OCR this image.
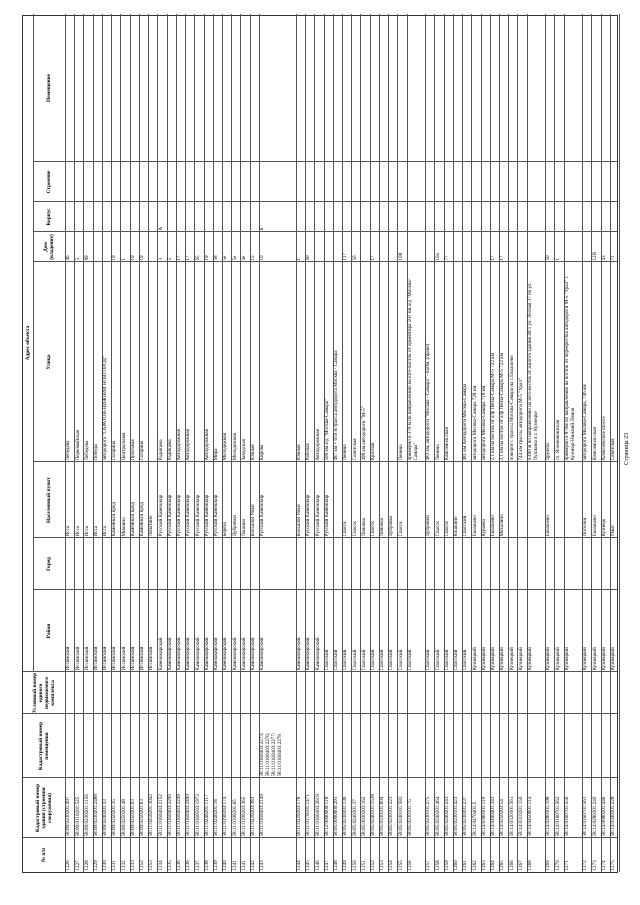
№ п/п
Кадастровый номер здания (строения сооружения)
Кадастровый номер помещения
Условный номер единого недвижимого комплекса
Адрес объекта
Район
Город
Населенный пункт
Улица
Дом (владение)
Корпус
Строение
Помещение
1226
58:09:0230201:497
Иссинский
Исса
Лебедева
46
1227
58:09:0110201:525
Иссинский
Исса
Первомайская
5
1228
58:09:0230201:1156
Иссинский
Исса
Лебедева
89
1229
58:09:0230201:2488
Иссинский
Исса
Победы
1230
58:09:0240201:33
Иссинский
Исса
автодорога "САРАТОВ-НИЖНИЙ НОВГОРОД"
1231
58:09:0250201:35
Иссинский
Каменный Брод
Гагарина
19
1232
58:09:0250201:48
Иссинский
Мишино
Центральная
1
1233
58:09:0250201:03
Иссинский
Каменный Брод
Проезжая
19
1252
58:09:0250201:63
Иссинский
Каменный Брод
Гагарина
19
1253
58:11:0250201:3042
Иссинский
Лопатино
1234
58:11:0160403:2152
Камешкирский
Русский Камешкир
Радищева
3
А
1235
58:11:0160403:2200
Камешкирский
Русский Камешкир
Радищева
5
1236
58:11:0160403:2249
Камешкирский
Русский Камешкир
Автодорожная
17
1236
58:11:0160403:2490
Камешкирский
Русский Камешкир
Автодорожная
17
1237
58:11:0160503:1973
Камешкирский
Русский Камешкир
65
1238
58:11:0240201:1117
Камешкирский
Русский Камешкир
Автодорожная
19
1239
58:11:0240201:18
Камешкирский
Русский Камешкир
Мира
58
1240
58:11:0190203:174
Камешкирский
Берёзо
Молодежная
5е
1241
58:11:0190201:65
Камешкирский
Дубровки
Молодежная
5е
1241
58:11:0190203:365
Камешкирский
Лашино
Заводская
4е
1242
58:11:0220203:383
Камешкирский
Большой Умыс
Южная
15
1243
58:11:0160403:2149
58:11:0160403:2273; 58:11:0160403:2276; 58:11:0160403:2277; 58:11:0160403:2278
Камешкирский
Русский Камешкир
Кирова
10
Б
1244
58:11:0220203:178
Камешкирский
Большой Умыс
Южная
1
1245
58:11:0170501:1471
Камешкирский
Русский Камешкир
Рабочая
60
1246
58:11:0160403:2619
Камешкирский
Русский Камешкир
Автодорожная
1247
58:12:0000000:118
Спасский
Русский Камешкир
500 км а/д "Москва-Самара"
1248
58:05:0000000:291
Спасский
487 км + 650 м трасса автодорога Москва - Самара
1249
58:05:0230201:136
Спасский
Спасск
Ленина
117
1250
58:05:0240301:37
Спасский
Спасск
Советская
5б
1251
58:05:0030203:162
Спасский
Липовка
498 км автодороги "М-5"
1252
58:05:0240101:1538
Спасский
Спасск
Красная
17
1253
58:05:0230101:604
Спасский
Липовка
1254
58:05:0230101:223
Спасский
Дубровка
1255
58:05:0240101:583
Спасский
Спасск
Ленина
108
1256
58:05:0230101:75
Спасский
примерно в 370 м по направлению на юго-восток от ориентира 501 км а/д "Москва-Самара"
1257
58:05:0230101:275
Спасский
Дубровки
483 км, автодороги "Москва - Самара" - 650м. (право)
1258
58:05:0240201:464
Спасский
Спасск
Ленина
10а
1259
58:05:0240201:243
Спасский
Спасск
Комсомольская
77
1260
58:05:0230101:423
Спасский
Кошкино
1261
58:05:0230201:237
Спасский
Спасский
481 км Автодороги Москва-Самара
1262
58:14:0470401:5
Кузнецкий
Евлашево
автодорога Москва-Самара 728 км
1263
58:14:0380301:110
Кузнецкий
Кураево
автодорога Москва-Самара 718 км
1264
58:14:0490401:343
Кузнецкий
Евлашево
2,1 км на восток от а/ф Пенза-Самара М-5 722 км
17
1265
58:14:0250203:54
Кузнецкий
Махалино
2,1 км на восток от а/ф Пенза-Самара М-5 722 км
17
1266
58:14:0320301:561
Кузнецкий
поворот с трассы Москва-Самара на с.Евлашево
1267
58:14:0310201:150
Кузнецкий
744 км трассы автодороги М-5 "Урал"
1268
58:14:0450601:114
Кузнецкий
в 400 м по направлению на юго-восток от жилого здания 40/1 ул. Лесная 37 по ул. Пушкина в г. Кузнецке
1269
58:14:0280301:198
Кузнецкий
Евлашево
Дружбы
50
1270
58:14:0160701:562
Кузнецкий
сл. Ялоненкинская
1
1271
58:14:0160701:556
Кузнецкий
примерно в 870м по направлению на восток от перекрестка автодороги М-5 "Урал" с Кузнецк-Нижний Ломов
1272
58:14:0160701:561
Кузнецкий
Поселки
автодорога Москва-Самара, 746 км
1273
58:14:0280301:240
Кузнецкий
Евлашево
Комсомольская
12В
1274
58:14:0080201:446
Кузнецкий
Кузнецк
Алексеевское шоссе
43
1275
58:14:0340201:228
Кузнецкий
Умыс
Советская
71
Страница 23
